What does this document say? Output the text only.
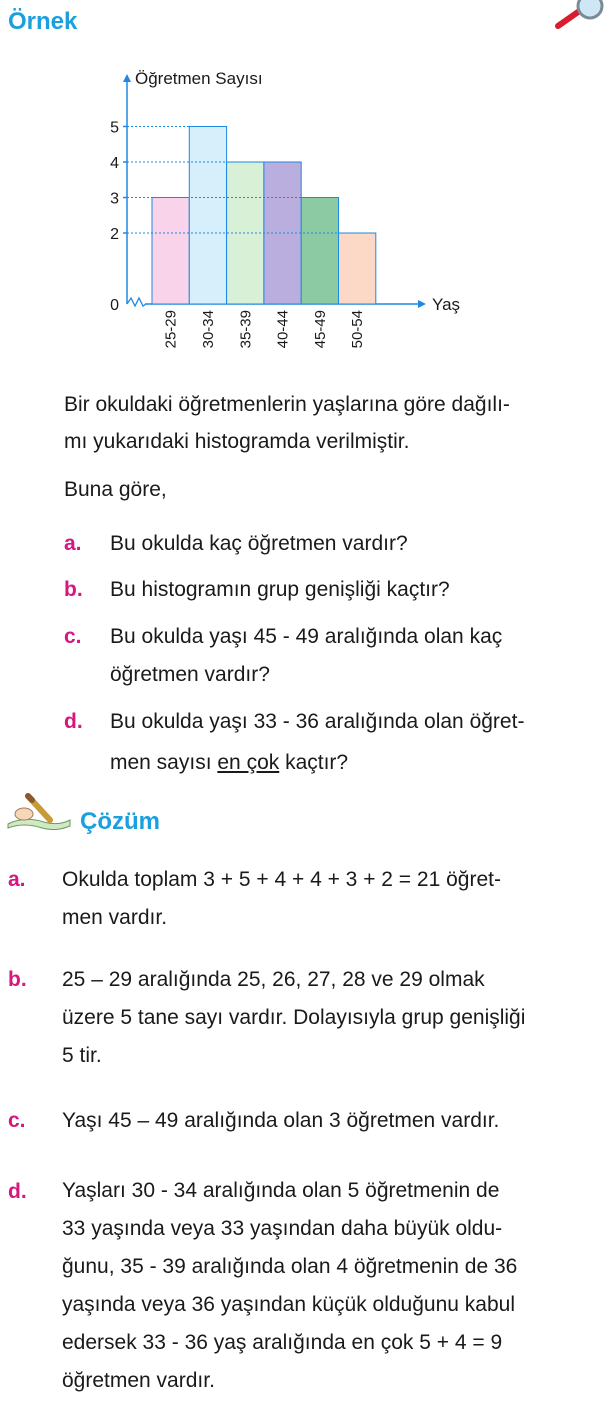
Örnek
Öğretmen Sayısı
Yaş
0
2
3
4
5
25-29 30-34 35-39 40-44 45-49 50-54
Bir okuldaki öğretmenlerin yaşlarına göre dağılı-
mı yukarıdaki histogramda verilmiştir.
Buna göre,
a. Bu okulda kaç öğretmen vardır?
b. Bu histogramın grup genişliği kaçtır?
c. Bu okulda yaşı 45 - 49 aralığında olan kaç
öğretmen vardır?
d. Bu okulda yaşı 33 - 36 aralığında olan öğret-
men sayısı en çok kaçtır?
Çözüm
a. Okulda toplam 3 + 5 + 4 + 4 + 3 + 2 = 21 öğret-
men vardır.
b. 25 – 29 aralığında 25, 26, 27, 28 ve 29 olmak
üzere 5 tane sayı vardır. Dolayısıyla grup genişliği
5 tir.
c. Yaşı 45 – 49 aralığında olan 3 öğretmen vardır.
d. Yaşları 30 - 34 aralığında olan 5 öğretmenin de
33 yaşında veya 33 yaşından daha büyük oldu-
ğunu, 35 - 39 aralığında olan 4 öğretmenin de 36
yaşında veya 36 yaşından küçük olduğunu kabul
edersek 33 - 36 yaş aralığında en çok 5 + 4 = 9
öğretmen vardır.
